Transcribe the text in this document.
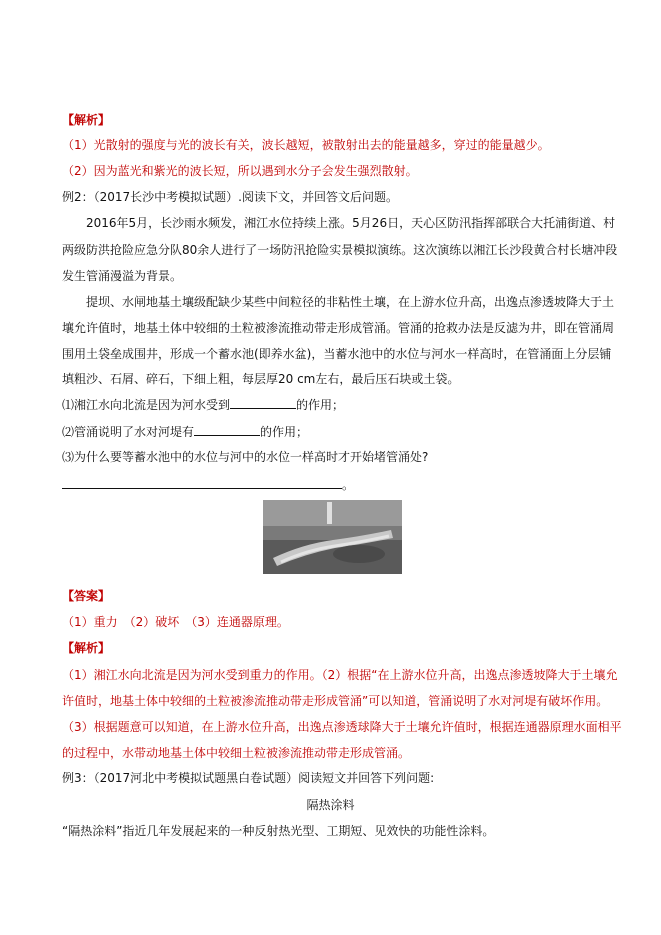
【解析】
（1）光散射的强度与光的波长有关，波长越短，被散射出去的能量越多，穿过的能量越少。
（2）因为蓝光和紫光的波长短，所以遇到水分子会发生强烈散射。
例2：（2017长沙中考模拟试题）.阅读下文，并回答文后问题。
2016年5月，长沙雨水频发，湘江水位持续上涨。5月26日，天心区防汛指挥部联合大托浦街道、村
两级防洪抢险应急分队80余人进行了一场防汛抢险实景模拟演练。这次演练以湘江长沙段黄合村长塘冲段
发生管涌漫溢为背景。
提坝、水闸地基土壤级配缺少某些中间粒径的非粘性土壤，在上游水位升高，出逸点渗透坡降大于土
壤允许值时，地基土体中较细的土粒被渗流推动带走形成管涌。管涌的抢救办法是反滤为井，即在管涌周
围用土袋垒成围井，形成一个蓄水池(即养水盆)，当蓄水池中的水位与河水一样高时，在管涌面上分层铺
填粗沙、石屑、碎石，下细上粗，每层厚20 cm左右，最后压石块或土袋。
⑴湘江水向北流是因为河水受到	的作用；
⑵管涌说明了水对河堤有	的作用；
⑶为什么要等蓄水池中的水位与河中的水位一样高时才开始堵管涌处?
。
【答案】
（1）重力　（2）破坏　（3）连通器原理。
【解析】
（1）湘江水向北流是因为河水受到重力的作用。（2）根据“在上游水位升高，出逸点渗透坡降大于土壤允
许值时，地基土体中较细的土粒被渗流推动带走形成管涌”可以知道，管涌说明了水对河堤有破坏作用。
（3）根据题意可以知道，在上游水位升高，出逸点渗透球降大于土壤允许值时，根据连通器原理水面相平
的过程中，水带动地基土体中较细土粒被渗流推动带走形成管涌。
例3：（2017河北中考模拟试题黑白卷试题）阅读短文并回答下列问题:
隔热涂料
“隔热涂料”指近几年发展起来的一种反射热光型、工期短、见效快的功能性涂料。
